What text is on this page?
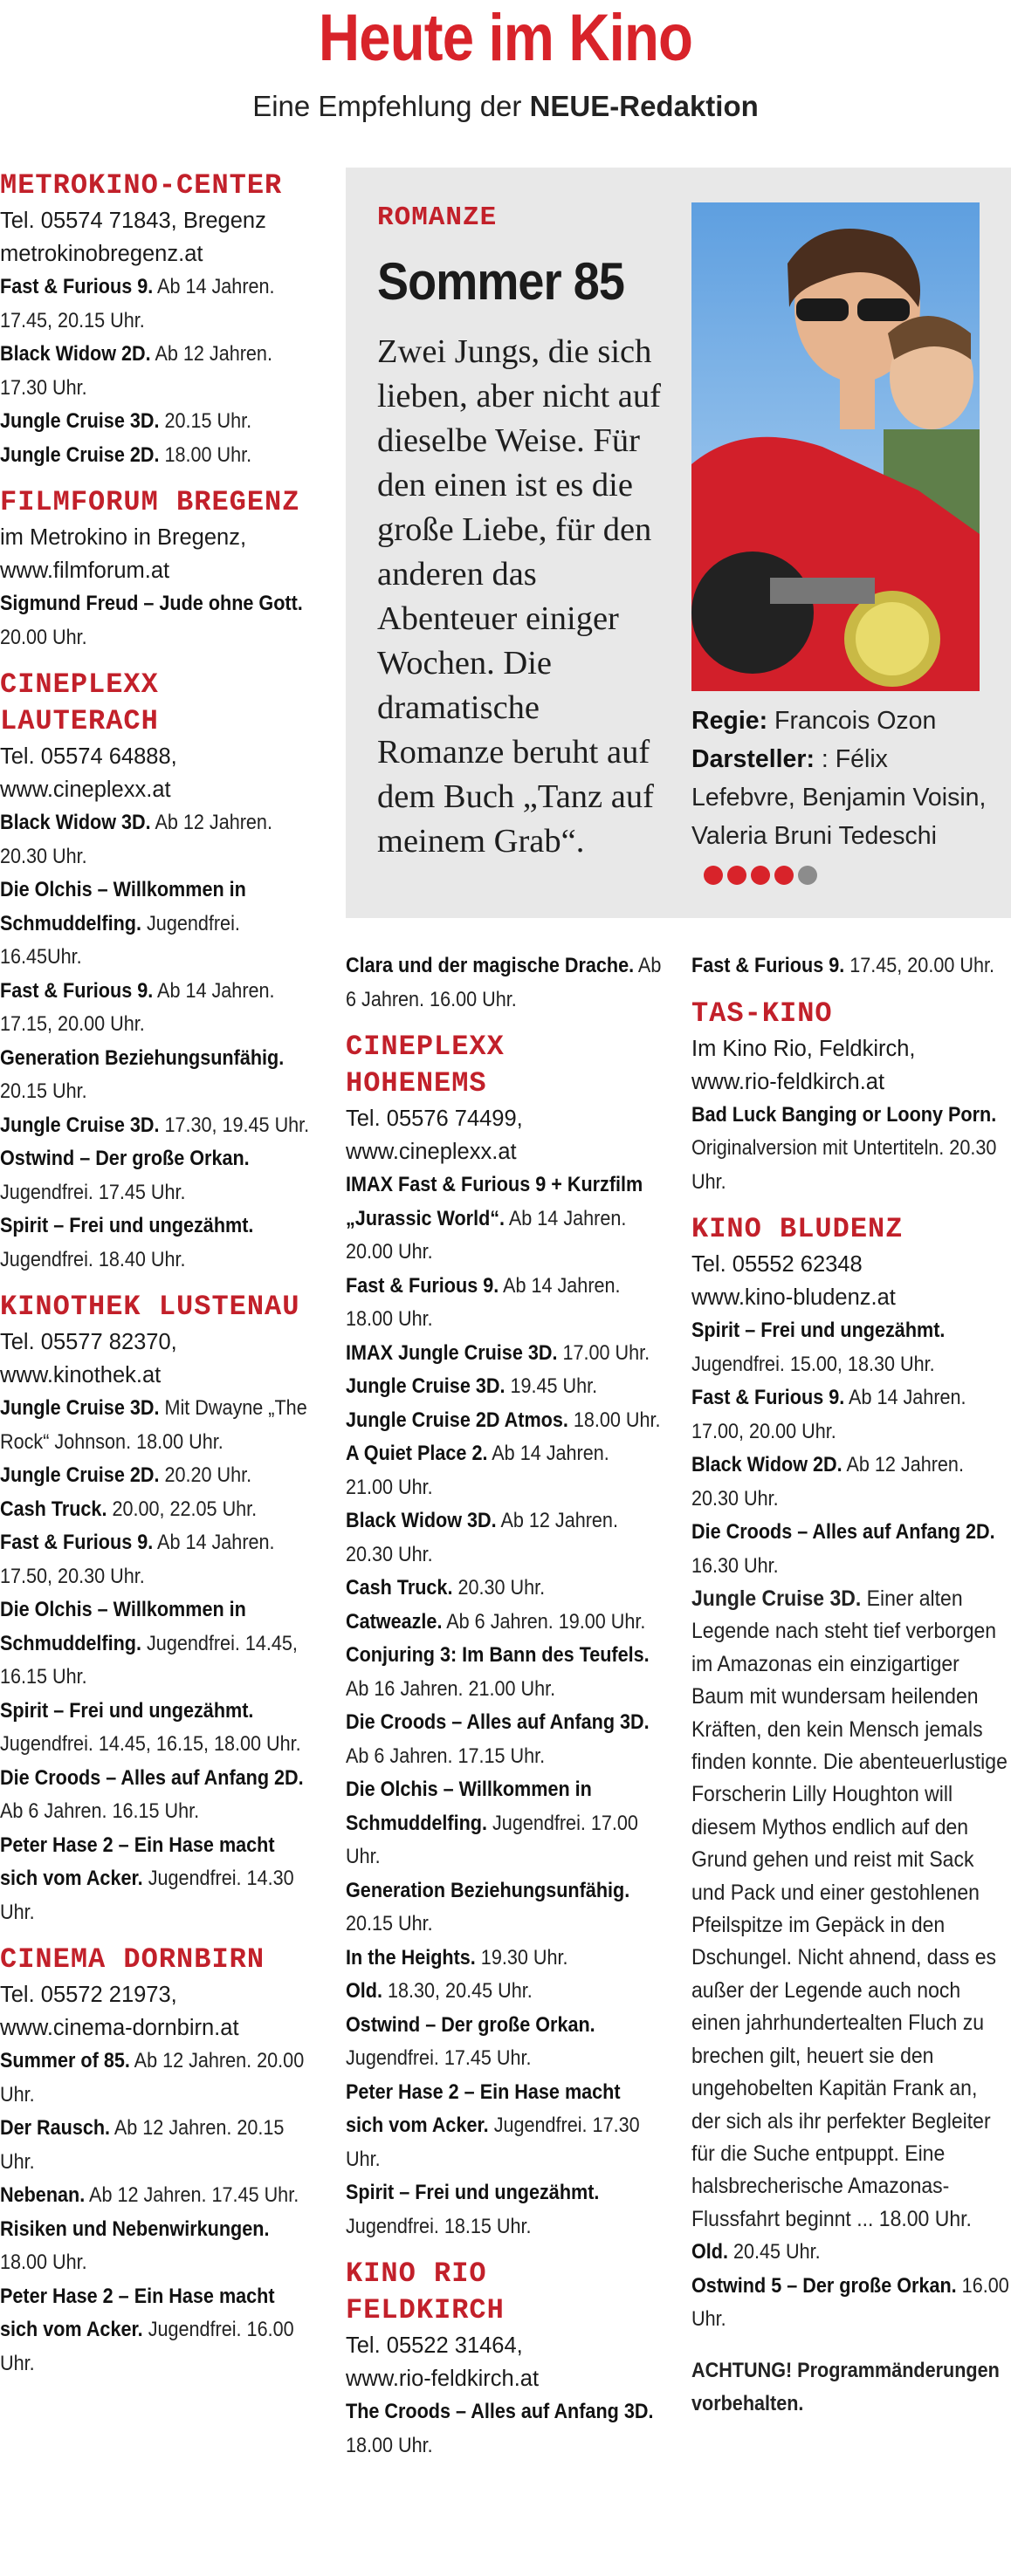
Heute im Kino
Eine Empfehlung der NEUE-Redaktion
METROKINO-CENTER
Tel. 05574 71843, Bregenz
metrokinobregenz.at
Fast & Furious 9. Ab 14 Jahren. 17.45, 20.15 Uhr.
Black Widow 2D. Ab 12 Jahren. 17.30 Uhr.
Jungle Cruise 3D. 20.15 Uhr.
Jungle Cruise 2D. 18.00 Uhr.
FILMFORUM BREGENZ
im Metrokino in Bregenz,
www.filmforum.at
Sigmund Freud – Jude ohne Gott. 20.00 Uhr.
CINEPLEXX LAUTERACH
Tel. 05574 64888,
www.cineplexx.at
Black Widow 3D. Ab 12 Jahren. 20.30 Uhr.
Die Olchis – Willkommen in Schmuddelfing. Jugendfrei. 16.45Uhr.
Fast & Furious 9. Ab 14 Jahren. 17.15, 20.00 Uhr.
Generation Beziehungsunfähig. 20.15 Uhr.
Jungle Cruise 3D. 17.30, 19.45 Uhr.
Ostwind – Der große Orkan. Jugendfrei. 17.45 Uhr.
Spirit – Frei und ungezähmt. Jugendfrei. 18.40 Uhr.
KINOTHEK LUSTENAU
Tel. 05577 82370,
www.kinothek.at
Jungle Cruise 3D. Mit Dwayne „The Rock“ Johnson. 18.00 Uhr.
Jungle Cruise 2D. 20.20 Uhr.
Cash Truck. 20.00, 22.05 Uhr.
Fast & Furious 9. Ab 14 Jahren. 17.50, 20.30 Uhr.
Die Olchis – Willkommen in Schmuddelfing. Jugendfrei. 14.45, 16.15 Uhr.
Spirit – Frei und ungezähmt. Jugendfrei. 14.45, 16.15, 18.00 Uhr.
Die Croods – Alles auf Anfang 2D. Ab 6 Jahren. 16.15 Uhr.
Peter Hase 2 – Ein Hase macht sich vom Acker. Jugendfrei. 14.30 Uhr.
CINEMA DORNBIRN
Tel. 05572 21973,
www.cinema-dornbirn.at
Summer of 85. Ab 12 Jahren. 20.00 Uhr.
Der Rausch. Ab 12 Jahren. 20.15 Uhr.
Nebenan. Ab 12 Jahren. 17.45 Uhr.
Risiken und Nebenwirkungen. 18.00 Uhr.
Peter Hase 2 – Ein Hase macht sich vom Acker. Jugendfrei. 16.00 Uhr.
ROMANZE
Sommer 85
Zwei Jungs, die sich lieben, aber nicht auf dieselbe Weise. Für den einen ist es die große Liebe, für den anderen das Abenteuer einiger Wochen. Die dramatische Romanze beruht auf dem Buch „Tanz auf meinem Grab“.
Regie: Francois Ozon
Darsteller: : Félix Lefebvre, Benjamin Voisin, Valeria Bruni Tedeschi
Clara und der magische Drache. Ab 6 Jahren. 16.00 Uhr.
CINEPLEXX HOHENEMS
Tel. 05576 74499,
www.cineplexx.at
IMAX Fast & Furious 9 + Kurzfilm „Jurassic World“. Ab 14 Jahren. 20.00 Uhr.
Fast & Furious 9. Ab 14 Jahren. 18.00 Uhr.
IMAX Jungle Cruise 3D. 17.00 Uhr.
Jungle Cruise 3D. 19.45 Uhr.
Jungle Cruise 2D Atmos. 18.00 Uhr.
A Quiet Place 2. Ab 14 Jahren. 21.00 Uhr.
Black Widow 3D. Ab 12 Jahren. 20.30 Uhr.
Cash Truck. 20.30 Uhr.
Catweazle. Ab 6 Jahren. 19.00 Uhr.
Conjuring 3: Im Bann des Teufels. Ab 16 Jahren. 21.00 Uhr.
Die Croods – Alles auf Anfang 3D. Ab 6 Jahren. 17.15 Uhr.
Die Olchis – Willkommen in Schmuddelfing. Jugendfrei. 17.00 Uhr.
Generation Beziehungsunfähig. 20.15 Uhr.
In the Heights. 19.30 Uhr.
Old. 18.30, 20.45 Uhr.
Ostwind – Der große Orkan. Jugendfrei. 17.45 Uhr.
Peter Hase 2 – Ein Hase macht sich vom Acker. Jugendfrei. 17.30 Uhr.
Spirit – Frei und ungezähmt. Jugendfrei. 18.15 Uhr.
KINO RIO FELDKIRCH
Tel. 05522 31464,
www.rio-feldkirch.at
The Croods – Alles auf Anfang 3D. 18.00 Uhr.
Fast & Furious 9. 17.45, 20.00 Uhr.
TAS-KINO
Im Kino Rio, Feldkirch,
www.rio-feldkirch.at
Bad Luck Banging or Loony Porn. Originalversion mit Untertiteln. 20.30 Uhr.
KINO BLUDENZ
Tel. 05552 62348
www.kino-bludenz.at
Spirit – Frei und ungezähmt. Jugendfrei. 15.00, 18.30 Uhr.
Fast & Furious 9. Ab 14 Jahren. 17.00, 20.00 Uhr.
Black Widow 2D. Ab 12 Jahren. 20.30 Uhr.
Die Croods – Alles auf Anfang 2D. 16.30 Uhr.
Jungle Cruise 3D. Einer alten Legende nach steht tief verborgen im Amazonas ein einzigartiger Baum mit wundersam heilenden Kräften, den kein Mensch jemals finden konnte. Die abenteuerlustige Forscherin Lilly Houghton will diesem Mythos endlich auf den Grund gehen und reist mit Sack und Pack und einer gestohlenen Pfeilspitze im Gepäck in den Dschungel. Nicht ahnend, dass es außer der Legende auch noch einen jahrhundertealten Fluch zu brechen gilt, heuert sie den ungehobelten Kapitän Frank an, der sich als ihr perfekter Begleiter für die Suche entpuppt. Eine halsbrecherische Amazonas-Flussfahrt beginnt ... 18.00 Uhr.
Old. 20.45 Uhr.
Ostwind 5 – Der große Orkan. 16.00 Uhr.
ACHTUNG! Programmänderungen vorbehalten.
